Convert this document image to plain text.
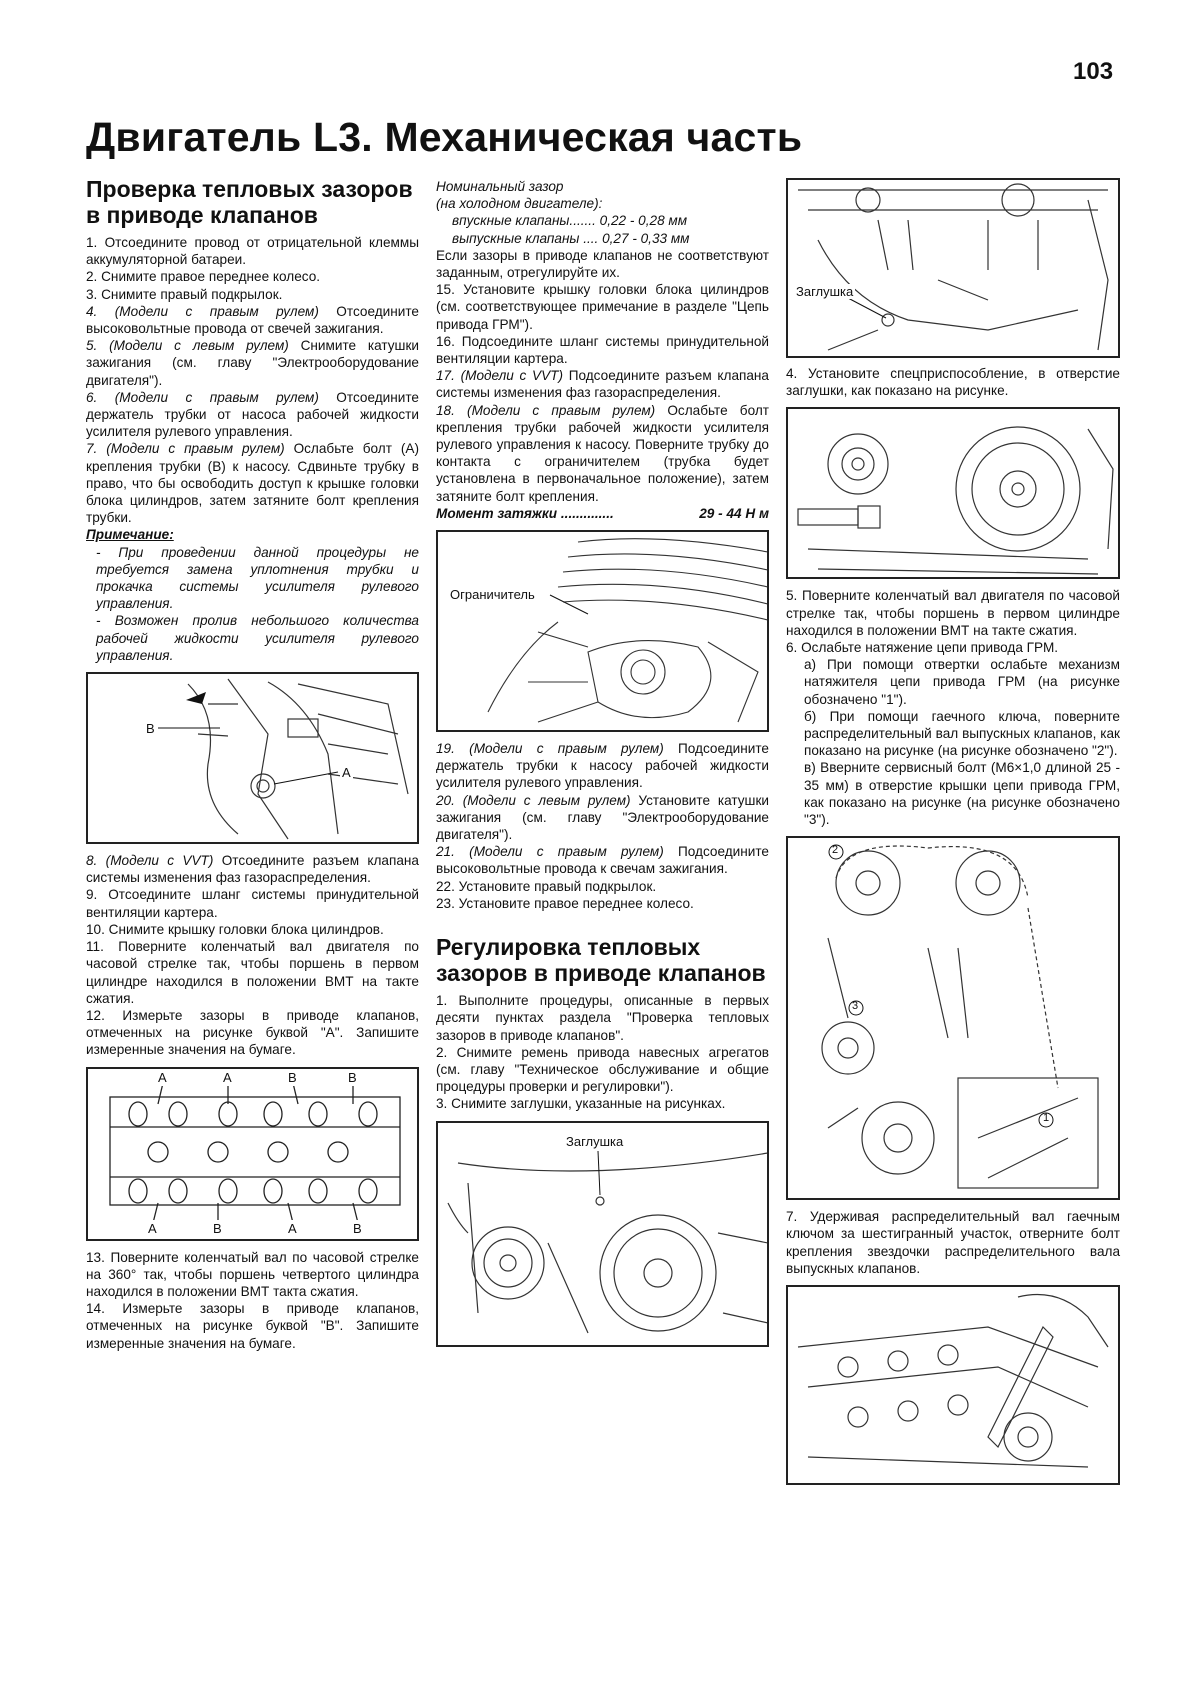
103
Двигатель L3. Механическая часть
Проверка тепловых зазоров в приводе клапанов

1. Отсоедините провод от отрицательной клеммы аккумуляторной батареи.

2. Снимите правое переднее колесо.

3. Снимите правый подкрылок.

4. (Модели с правым рулем) Отсоедините высоковольтные провода от свечей зажигания.

5. (Модели с левым рулем) Снимите катушки зажигания (см. главу "Электрооборудование двигателя").

6. (Модели с правым рулем) Отсоедините держатель трубки от насоса рабочей жидкости усилителя рулевого управления.

7. (Модели с правым рулем) Ослабьте болт (А) крепления трубки (В) к насосу. Сдвиньте трубку в право, что бы освободить доступ к крышке головки блока цилиндров, затем затяните болт крепления трубки.

Примечание:

- При проведении данной процедуры не требуется замена уплотнения трубки и прокачка системы усилителя рулевого управления.

- Возможен пролив небольшого количества рабочей жидкости усилителя рулевого управления.

B
A

8. (Модели с VVT) Отсоедините разъем клапана системы изменения фаз газораспределения.

9. Отсоедините шланг системы принудительной вентиляции картера.

10. Снимите крышку головки блока цилиндров.

11. Поверните коленчатый вал двигателя по часовой стрелке так, чтобы поршень в первом цилиндре находился в положении ВМТ на такте сжатия.

12. Измерьте зазоры в приводе клапанов, отмеченных на рисунке буквой "А". Запишите измеренные значения на бумаге.

A	A	B	B
A	B	A	B

13. Поверните коленчатый вал по часовой стрелке на 360° так, чтобы поршень четвертого цилиндра находился в положении ВМТ такта сжатия.

14. Измерьте зазоры в приводе клапанов, отмеченных на рисунке буквой "В". Запишите измеренные значения на бумаге.

Номинальный зазор

(на холодном двигателе):

впускные клапаны....... 0,22 - 0,28 мм

выпускные клапаны .... 0,27 - 0,33 мм

Если зазоры в приводе клапанов не соответствуют заданным, отрегулируйте их.

15. Установите крышку головки блока цилиндров (см. соответствующее примечание в разделе "Цепь привода ГРМ").

16. Подсоедините шланг системы принудительной вентиляции картера.

17. (Модели с VVT) Подсоедините разъем клапана системы изменения фаз газораспределения.

18. (Модели с правым рулем) Ослабьте болт крепления трубки рабочей жидкости усилителя рулевого управления к насосу. Поверните трубку до контакта с ограничителем (трубка будет установлена в первоначальное положение), затем затяните болт крепления.

Момент затяжки ..............	29 - 44 Н м

Ограничитель

19. (Модели с правым рулем) Подсоедините держатель трубки к насосу рабочей жидкости усилителя рулевого управления.

20. (Модели с левым рулем) Установите катушки зажигания (см. главу "Электрооборудование двигателя").

21. (Модели с правым рулем) Подсоедините высоковольтные провода к свечам зажигания.

22. Установите правый подкрылок.

23. Установите правое переднее колесо.

Регулировка тепловых зазоров в приводе клапанов

1. Выполните процедуры, описанные в первых десяти пунктах раздела "Проверка тепловых зазоров в приводе клапанов".

2. Снимите ремень привода навесных агрегатов (см. главу "Техническое обслуживание и общие процедуры проверки и регулировки").

3. Снимите заглушки, указанные на рисунках.

Заглушка
Заглушка

4. Установите спецприспособление, в отверстие заглушки, как показано на рисунке.

5. Поверните коленчатый вал двигателя по часовой стрелке так, чтобы поршень в первом цилиндре находился в положении ВМТ на такте сжатия.

6. Ослабьте натяжение цепи привода ГРМ.

а) При помощи отвертки ослабьте механизм натяжителя цепи привода ГРМ (на рисунке обозначено "1").

б) При помощи гаечного ключа, поверните распределительный вал выпускных клапанов, как показано на рисунке (на рисунке обозначено "2").

в) Вверните сервисный болт (М6×1,0 длиной 25 - 35 мм) в отверстие крышки цепи привода ГРМ, как показано на рисунке (на рисунке обозначено "3").

2
3
1

7. Удерживая распределительный вал гаечным ключом за шестигранный участок, отверните болт крепления звездочки распределительного вала выпускных клапанов.
